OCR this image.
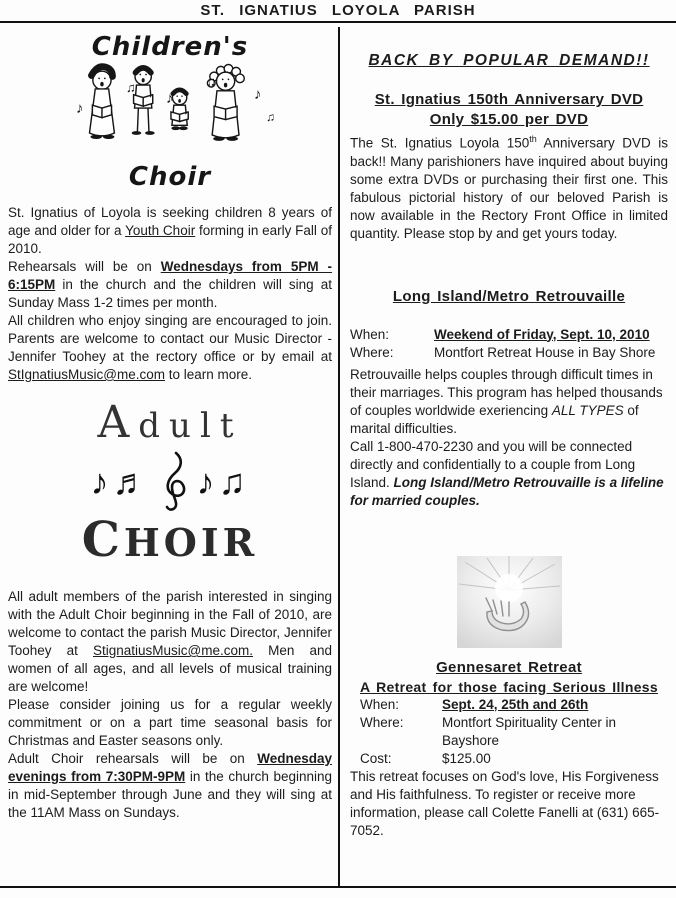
ST. IGNATIUS LOYOLA PARISH
Children's
♪
♫
♪
♫
♪
♫
Choir

St. Ignatius of Loyola is seeking children 8 years of age and older for a Youth Choir forming in early Fall of 2010.

Rehearsals will be on Wednesdays from 5PM - 6:15PM in the church and the children will sing at Sunday Mass 1-2 times per month.

All children who enjoy singing are encouraged to join. Parents are welcome to contact our Music Director - Jennifer Toohey at the rectory office or by email at StIgnatiusMusic@me.com to learn more.

Adult
♪♬ ♪♫
CHOIR

All adult members of the parish interested in singing with the Adult Choir beginning in the Fall of 2010, are welcome to contact the parish Music Director, Jennifer Toohey at StignatiusMusic@me.com. Men and women of all ages, and all levels of musical training are welcome!

Please consider joining us for a regular weekly commitment or on a part time seasonal basis for Christmas and Easter seasons only.

Adult Choir rehearsals will be on Wednesday evenings from 7:30PM-9PM in the church beginning in mid-September through June and they will sing at the 11AM Mass on Sundays.

BACK BY POPULAR DEMAND!!
St. Ignatius 150th Anniversary DVD
Only $15.00 per DVD

The St. Ignatius Loyola 150th Anniversary DVD is back!! Many parishioners have inquired about buying some extra DVDs or purchasing their first one. This fabulous pictorial history of our beloved Parish is now available in the Rectory Front Office in limited quantity. Please stop by and get yours today.

Long Island/Metro Retrouvaille
When:	Weekend of Friday, Sept. 10, 2010
Where:	Montfort Retreat House in Bay Shore

Retrouvaille helps couples through difficult times in their marriages. This program has helped thousands of couples worldwide exeriencing ALL TYPES of marital difficulties.

Call 1-800-470-2230 and you will be connected directly and confidentially to a couple from Long Island. Long Island/Metro Retrouvaille is a lifeline for married couples.

Gennesaret Retreat
A Retreat for those facing Serious Illness
When:	Sept. 24, 25th and 26th
Where:	Montfort Spirituality Center in
Bayshore
Cost:	$125.00

This retreat focuses on God's love, His Forgiveness and His faithfulness. To register or receive more information, please call Colette Fanelli at (631) 665-7052.
